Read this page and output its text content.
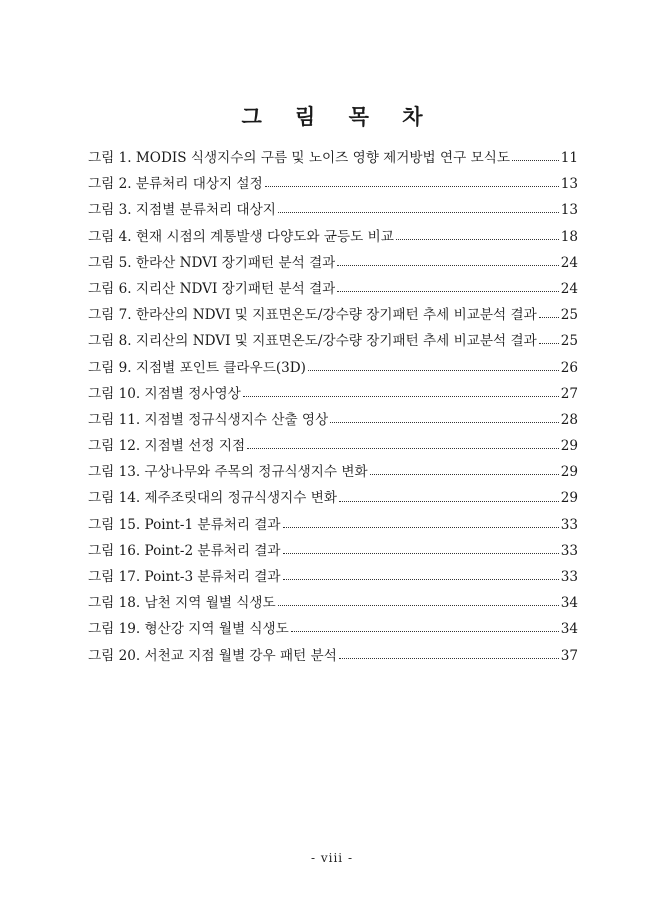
그 림 목 차
그림 1. MODIS 식생지수의 구름 및 노이즈 영향 제거방법 연구 모식도	11
그림 2. 분류처리 대상지 설정	13
그림 3. 지점별 분류처리 대상지	13
그림 4. 현재 시점의 계통발생 다양도와 균등도 비교	18
그림 5. 한라산 NDVI 장기패턴 분석 결과	24
그림 6. 지리산 NDVI 장기패턴 분석 결과	24
그림 7. 한라산의 NDVI 및 지표면온도/강수량 장기패턴 추세 비교분석 결과 25
그림 8. 지리산의 NDVI 및 지표면온도/강수량 장기패턴 추세 비교분석 결과 25
그림 9. 지점별 포인트 클라우드(3D)	26
그림 10. 지점별 정사영상	27
그림 11. 지점별 정규식생지수 산출 영상	28
그림 12. 지점별 선정 지점	29
그림 13. 구상나무와 주목의 정규식생지수 변화	29
그림 14. 제주조릿대의 정규식생지수 변화	29
그림 15. Point-1 분류처리 결과	33
그림 16. Point-2 분류처리 결과	33
그림 17. Point-3 분류처리 결과	33
그림 18. 남천 지역 월별 식생도	34
그림 19. 형산강 지역 월별 식생도	34
그림 20. 서천교 지점 월별 강우 패턴 분석	37
- viii -
